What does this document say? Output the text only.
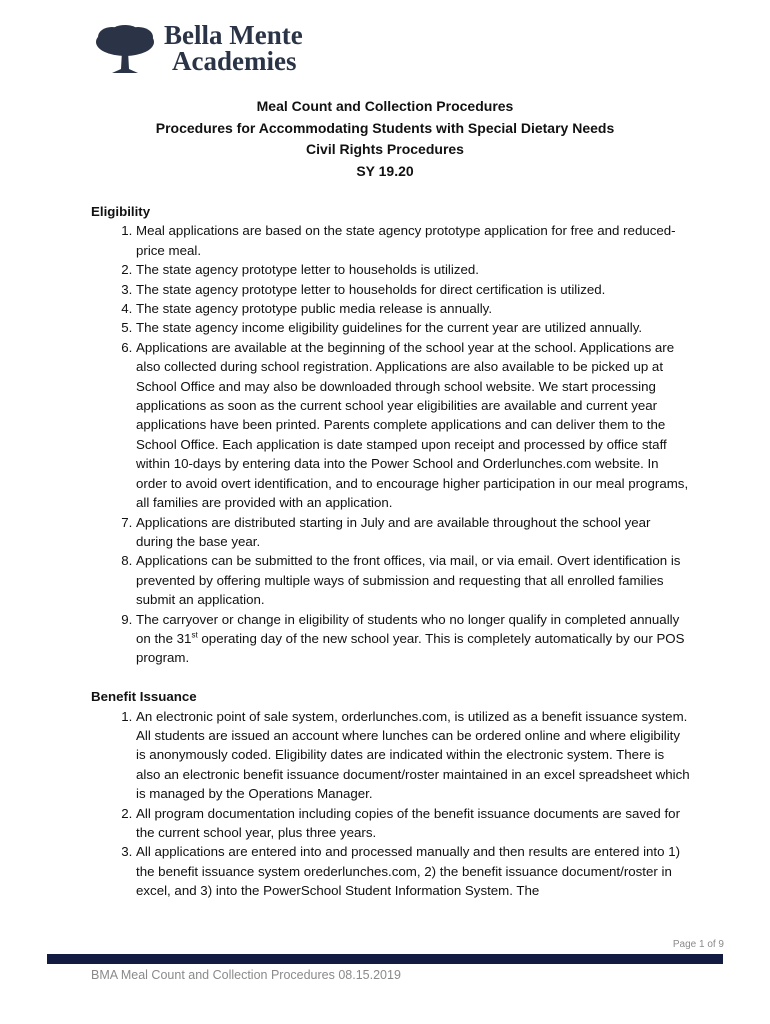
Bella Mente
Academies
Meal Count and Collection Procedures
Procedures for Accommodating Students with Special Dietary Needs
Civil Rights Procedures
SY 19.20

Eligibility

1. Meal applications are based on the state agency prototype application for free and reduced-price meal.
2. The state agency prototype letter to households is utilized.
3. The state agency prototype letter to households for direct certification is utilized.
4. The state agency prototype public media release is annually.
5. The state agency income eligibility guidelines for the current year are utilized annually.
6. Applications are available at the beginning of the school year at the school. Applications are also collected during school registration. Applications are also available to be picked up at School Office and may also be downloaded through school website. We start processing applications as soon as the current school year eligibilities are available and current year applications have been printed. Parents complete applications and can deliver them to the School Office. Each application is date stamped upon receipt and processed by office staff within 10-days by entering data into the Power School and Orderlunches.com website. In order to avoid overt identification, and to encourage higher participation in our meal programs, all families are provided with an application.
7. Applications are distributed starting in July and are available throughout the school year during the base year.
8. Applications can be submitted to the front offices, via mail, or via email. Overt identification is prevented by offering multiple ways of submission and requesting that all enrolled families submit an application.
9. The carryover or change in eligibility of students who no longer qualify in completed annually on the 31st operating day of the new school year. This is completely automatically by our POS program.

Benefit Issuance

1. An electronic point of sale system, orderlunches.com, is utilized as a benefit issuance system. All students are issued an account where lunches can be ordered online and where eligibility is anonymously coded. Eligibility dates are indicated within the electronic system. There is also an electronic benefit issuance document/roster maintained in an excel spreadsheet which is managed by the Operations Manager.
2. All program documentation including copies of the benefit issuance documents are saved for the current school year, plus three years.
3. All applications are entered into and processed manually and then results are entered into 1) the benefit issuance system orederlunches.com, 2) the benefit issuance document/roster in excel, and 3) into the PowerSchool Student Information System. The
Page 1 of 9
BMA Meal Count and Collection Procedures 08.15.2019
